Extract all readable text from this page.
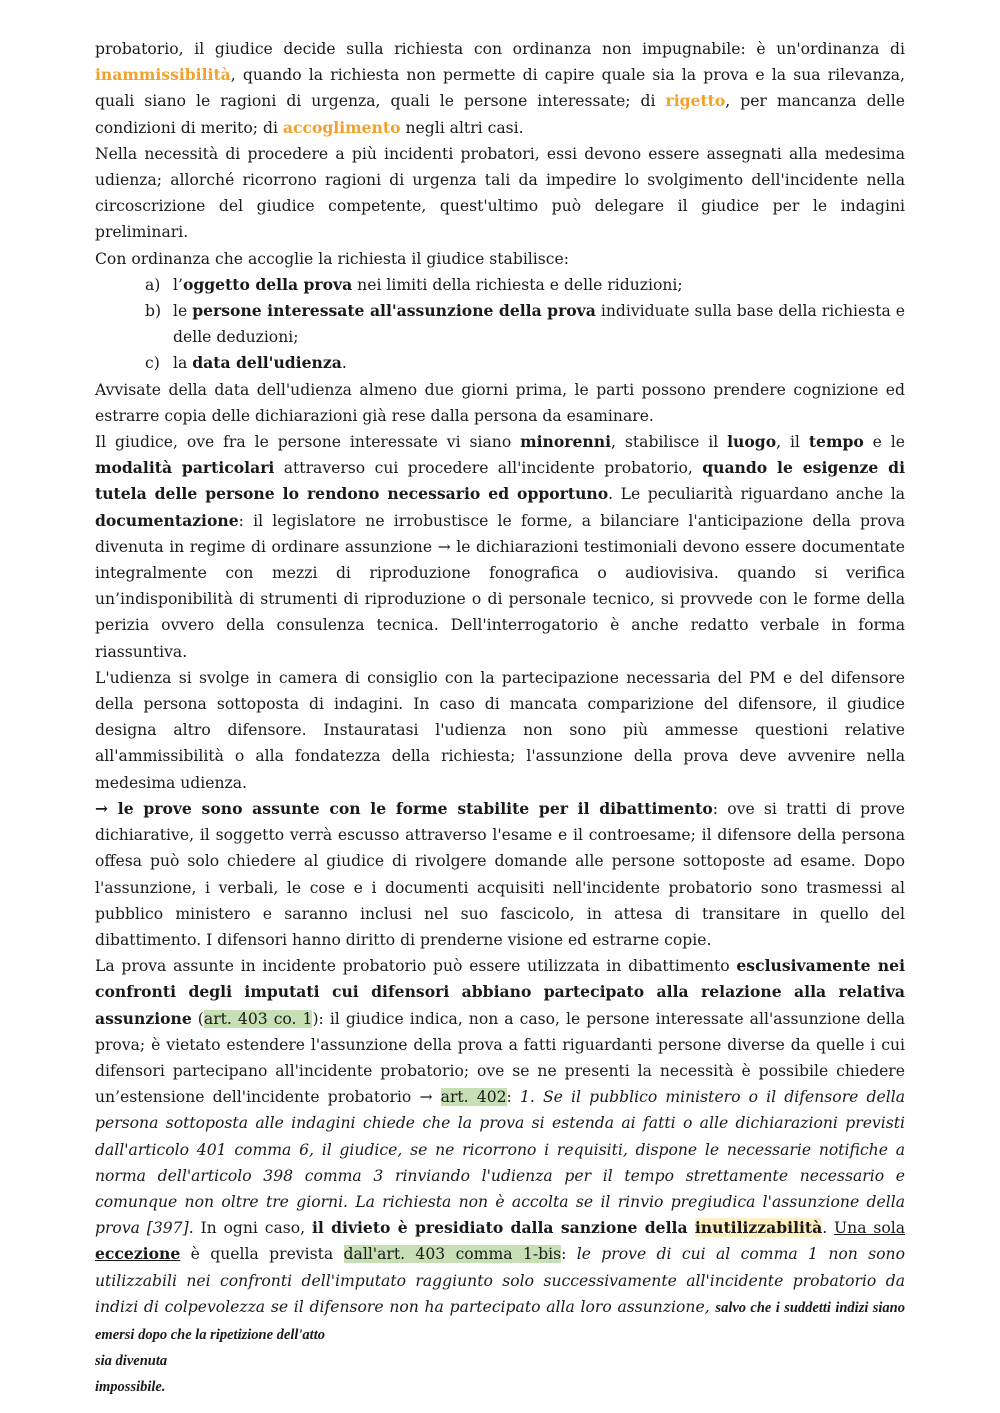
probatorio, il giudice decide sulla richiesta con ordinanza non impugnabile: è un'ordinanza di inammissibilità, quando la richiesta non permette di capire quale sia la prova e la sua rilevanza, quali siano le ragioni di urgenza, quali le persone interessate; di rigetto, per mancanza delle condizioni di merito; di accoglimento negli altri casi.

Nella necessità di procedere a più incidenti probatori, essi devono essere assegnati alla medesima udienza; allorché ricorrono ragioni di urgenza tali da impedire lo svolgimento dell'incidente nella circoscrizione del giudice competente, quest'ultimo può delegare il giudice per le indagini preliminari.

Con ordinanza che accoglie la richiesta il giudice stabilisce:

a) l’oggetto della prova nei limiti della richiesta e delle riduzioni;
b) le persone interessate all'assunzione della prova individuate sulla base della richiesta e delle deduzioni;
c) la data dell'udienza.

Avvisate della data dell'udienza almeno due giorni prima, le parti possono prendere cognizione ed estrarre copia delle dichiarazioni già rese dalla persona da esaminare.

Il giudice, ove fra le persone interessate vi siano minorenni, stabilisce il luogo, il tempo e le modalità particolari attraverso cui procedere all'incidente probatorio, quando le esigenze di tutela delle persone lo rendono necessario ed opportuno. Le peculiarità riguardano anche la documentazione: il legislatore ne irrobustisce le forme, a bilanciare l'anticipazione della prova divenuta in regime di ordinare assunzione → le dichiarazioni testimoniali devono essere documentate integralmente con mezzi di riproduzione fonografica o audiovisiva. quando si verifica un’indisponibilità di strumenti di riproduzione o di personale tecnico, si provvede con le forme della perizia ovvero della consulenza tecnica. Dell'interrogatorio è anche redatto verbale in forma riassuntiva.

L'udienza si svolge in camera di consiglio con la partecipazione necessaria del PM e del difensore della persona sottoposta di indagini. In caso di mancata comparizione del difensore, il giudice designa altro difensore. Instauratasi l'udienza non sono più ammesse questioni relative all'ammissibilità o alla fondatezza della richiesta; l'assunzione della prova deve avvenire nella medesima udienza.

→ le prove sono assunte con le forme stabilite per il dibattimento: ove si tratti di prove dichiarative, il soggetto verrà escusso attraverso l'esame e il controesame; il difensore della persona offesa può solo chiedere al giudice di rivolgere domande alle persone sottoposte ad esame. Dopo l'assunzione, i verbali, le cose e i documenti acquisiti nell'incidente probatorio sono trasmessi al pubblico ministero e saranno inclusi nel suo fascicolo, in attesa di transitare in quello del dibattimento. I difensori hanno diritto di prenderne visione ed estrarne copie.

La prova assunte in incidente probatorio può essere utilizzata in dibattimento esclusivamente nei confronti degli imputati cui difensori abbiano partecipato alla relazione alla relativa assunzione (art. 403 co. 1): il giudice indica, non a caso, le persone interessate all'assunzione della prova; è vietato estendere l'assunzione della prova a fatti riguardanti persone diverse da quelle i cui difensori partecipano all'incidente probatorio; ove se ne presenti la necessità è possibile chiedere un’estensione dell'incidente probatorio → art. 402: 1. Se il pubblico ministero o il difensore della persona sottoposta alle indagini chiede che la prova si estenda ai fatti o alle dichiarazioni previsti dall'articolo 401 comma 6, il giudice, se ne ricorrono i requisiti, dispone le necessarie notifiche a norma dell'articolo 398 comma 3 rinviando l'udienza per il tempo strettamente necessario e comunque non oltre tre giorni. La richiesta non è accolta se il rinvio pregiudica l'assunzione della prova [397]. In ogni caso, il divieto è presidiato dalla sanzione della inutilizzabilità. Una sola eccezione è quella prevista dall'art. 403 comma 1-bis: le prove di cui al comma 1 non sono utilizzabili nei confronti dell'imputato raggiunto solo successivamente all'incidente probatorio da indizi di colpevolezza se il difensore non ha partecipato alla loro assunzione, salvo che i suddetti indizi siano emersi dopo che la ripetizione dell'atto
sia divenuta
impossibile.
